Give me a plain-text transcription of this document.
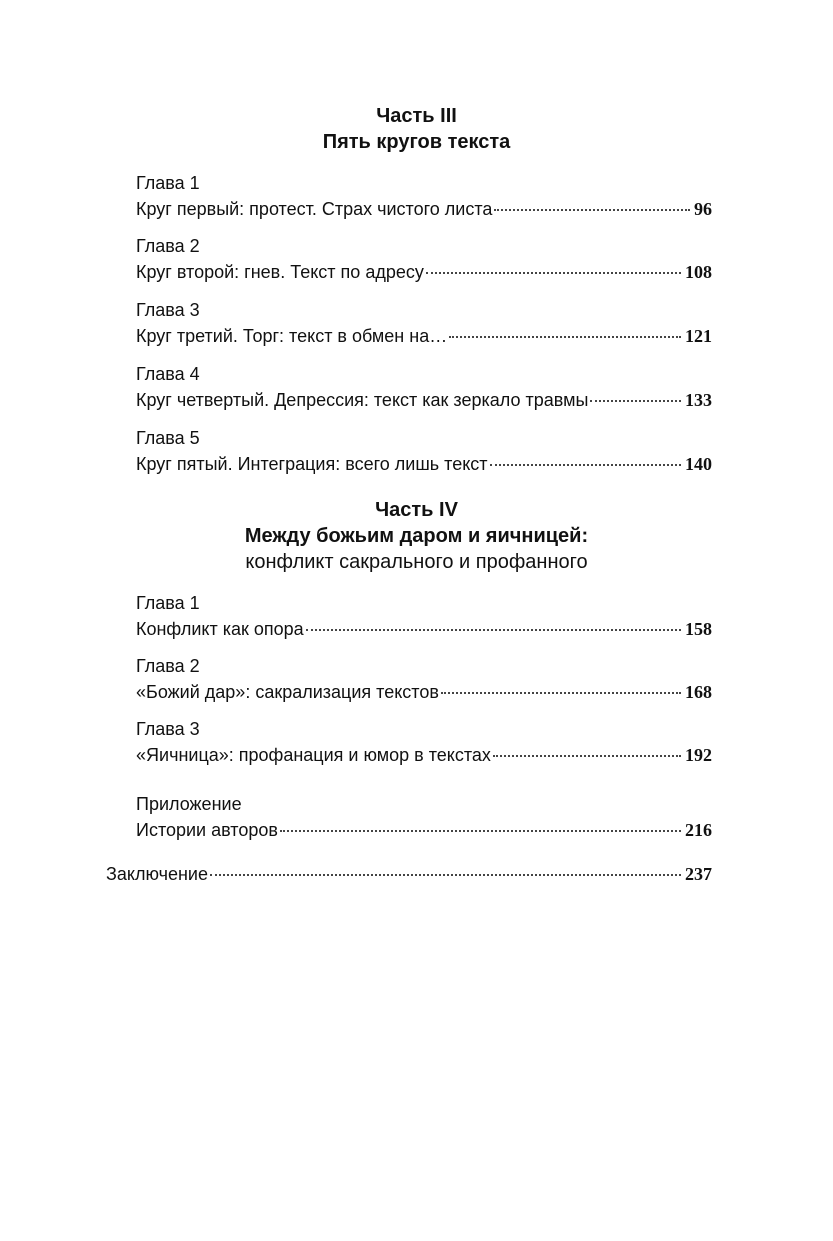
Часть III
Пять кругов текста
Глава 1
Круг первый: протест. Страх чистого листа	96
Глава 2
Круг второй: гнев. Текст по адресу	108
Глава 3
Круг третий. Торг: текст в обмен на…	121
Глава 4
Круг четвертый. Депрессия: текст как зеркало травмы	133
Глава 5
Круг пятый. Интеграция: всего лишь текст	140
Часть IV
Между божьим даром и яичницей:
конфликт сакрального и профанного
Глава 1
Конфликт как опора	158
Глава 2
«Божий дар»: сакрализация текстов	168
Глава 3
«Яичница»: профанация и юмор в текстах	192
Приложение
Истории авторов	216
Заключение	237
